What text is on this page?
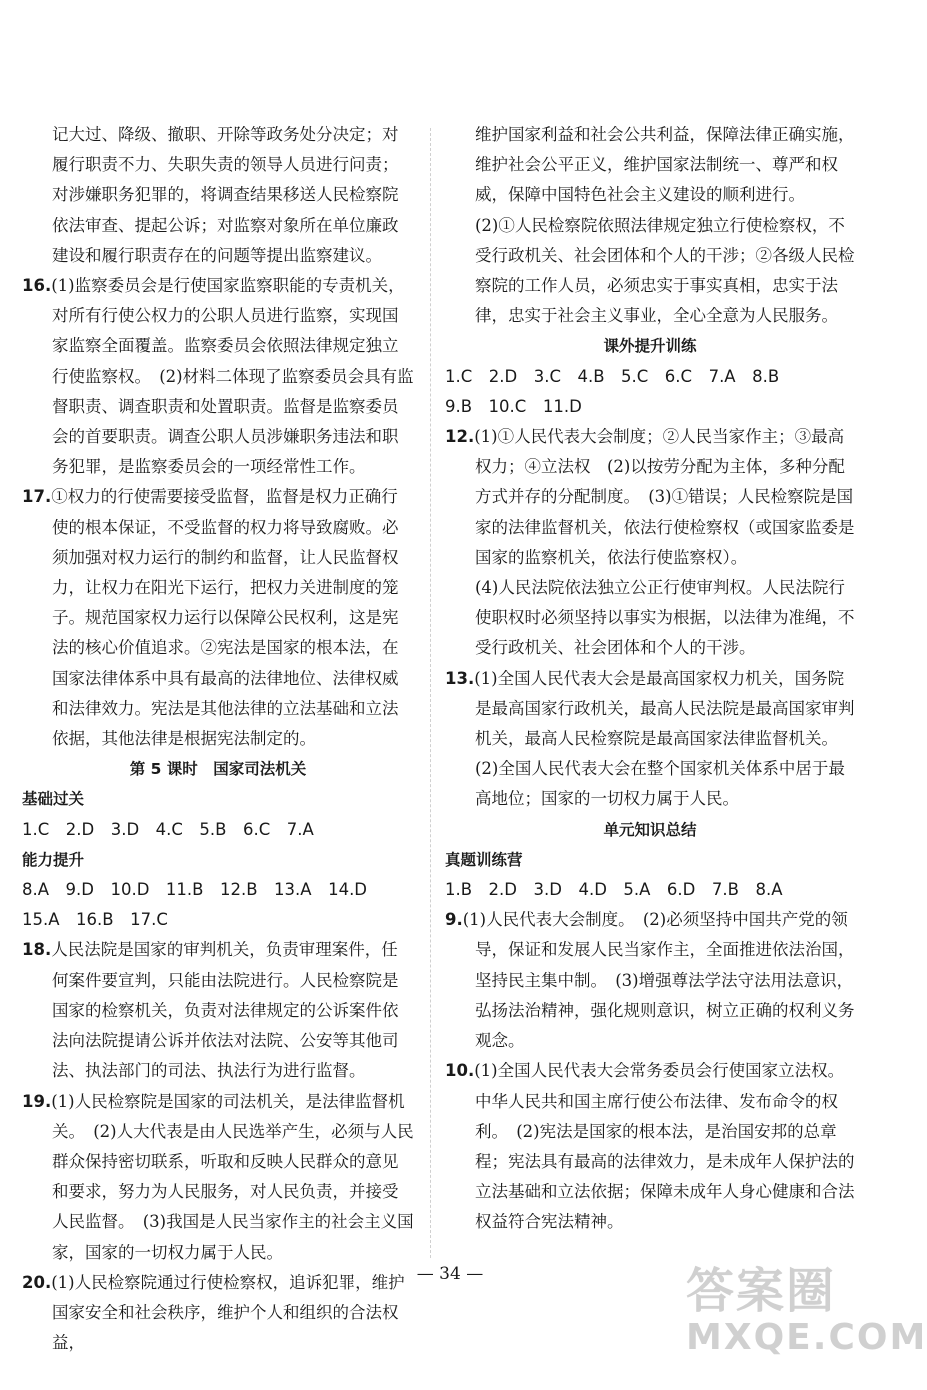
记大过、降级、撤职、开除等政务处分决定；对履行职责不力、失职失责的领导人员进行问责；对涉嫌职务犯罪的，将调查结果移送人民检察院依法审查、提起公诉；对监察对象所在单位廉政建设和履行职责存在的问题等提出监察建议。
16.(1)监察委员会是行使国家监察职能的专责机关，对所有行使公权力的公职人员进行监察，实现国家监察全面覆盖。监察委员会依照法律规定独立行使监察权。　(2)材料二体现了监察委员会具有监督职责、调查职责和处置职责。监督是监察委员会的首要职责。调查公职人员涉嫌职务违法和职务犯罪，是监察委员会的一项经常性工作。
17.①权力的行使需要接受监督，监督是权力正确行使的根本保证，不受监督的权力将导致腐败。必须加强对权力运行的制约和监督，让人民监督权力，让权力在阳光下运行，把权力关进制度的笼子。规范国家权力运行以保障公民权利，这是宪法的核心价值追求。②宪法是国家的根本法，在国家法律体系中具有最高的法律地位、法律权威和法律效力。宪法是其他法律的立法基础和立法依据，其他法律是根据宪法制定的。
第 5 课时　国家司法机关
基础过关
1.C　2.D　3.D　4.C　5.B　6.C　7.A
能力提升
8.A　9.D　10.D　11.B　12.B　13.A　14.D
15.A　16.B　17.C
18.人民法院是国家的审判机关，负责审理案件，任何案件要宣判，只能由法院进行。人民检察院是国家的检察机关，负责对法律规定的公诉案件依法向法院提请公诉并依法对法院、公安等其他司法、执法部门的司法、执法行为进行监督。
19.(1)人民检察院是国家的司法机关，是法律监督机关。　(2)人大代表是由人民选举产生，必须与人民群众保持密切联系，听取和反映人民群众的意见和要求，努力为人民服务，对人民负责，并接受人民监督。　(3)我国是人民当家作主的社会主义国家，国家的一切权力属于人民。
20.(1)人民检察院通过行使检察权，追诉犯罪，维护国家安全和社会秩序，维护个人和组织的合法权益，
维护国家利益和社会公共利益，保障法律正确实施，维护社会公平正义，维护国家法制统一、尊严和权威，保障中国特色社会主义建设的顺利进行。
(2)①人民检察院依照法律规定独立行使检察权，不受行政机关、社会团体和个人的干涉；②各级人民检察院的工作人员，必须忠实于事实真相，忠实于法律，忠实于社会主义事业，全心全意为人民服务。
课外提升训练
1.C　2.D　3.C　4.B　5.C　6.C　7.A　8.B
9.B　10.C　11.D
12.(1)①人民代表大会制度；②人民当家作主；③最高权力；④立法权　(2)以按劳分配为主体，多种分配方式并存的分配制度。　(3)①错误；人民检察院是国家的法律监督机关，依法行使检察权（或国家监委是国家的监察机关，依法行使监察权）。
(4)人民法院依法独立公正行使审判权。人民法院行使职权时必须坚持以事实为根据，以法律为准绳，不受行政机关、社会团体和个人的干涉。
13.(1)全国人民代表大会是最高国家权力机关，国务院是最高国家行政机关，最高人民法院是最高国家审判机关，最高人民检察院是最高国家法律监督机关。　(2)全国人民代表大会在整个国家机关体系中居于最高地位；国家的一切权力属于人民。
单元知识总结
真题训练营
1.B　2.D　3.D　4.D　5.A　6.D　7.B　8.A
9.(1)人民代表大会制度。　(2)必须坚持中国共产党的领导，保证和发展人民当家作主，全面推进依法治国，坚持民主集中制。　(3)增强尊法学法守法用法意识，弘扬法治精神，强化规则意识，树立正确的权利义务观念。
10.(1)全国人民代表大会常务委员会行使国家立法权。中华人民共和国主席行使公布法律、发布命令的权利。　(2)宪法是国家的根本法，是治国安邦的总章程；宪法具有最高的法律效力，是未成年人保护法的立法基础和立法依据；保障未成年人身心健康和合法权益符合宪法精神。
— 34 —	答案圈
MXQE.COM
